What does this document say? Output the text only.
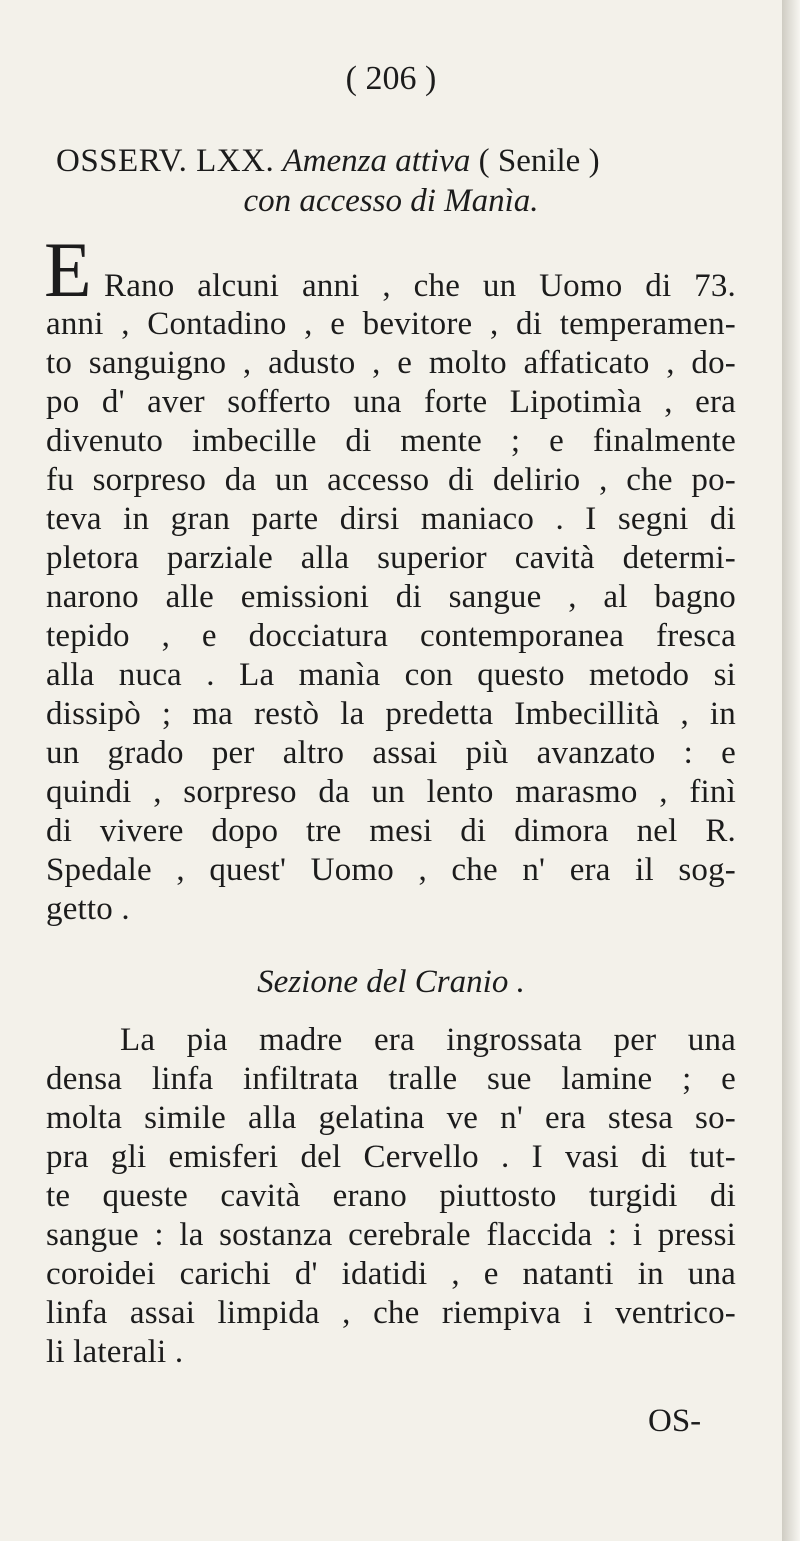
( 206 )
OSSERV. LXX. Amenza attiva ( Senile )
con accesso di Manìa.
E Rano alcuni anni , che un Uomo di 73.
anni , Contadino , e bevitore , di temperamen-
to sanguigno , adusto , e molto affaticato , do-
po d' aver sofferto una forte Lipotimìa , era
divenuto imbecille di mente ; e finalmente
fu sorpreso da un accesso di delirio , che po-
teva in gran parte dirsi maniaco . I segni di
pletora parziale alla superior cavità determi-
narono alle emissioni di sangue , al bagno
tepido , e docciatura contemporanea fresca
alla nuca . La manìa con questo metodo si
dissipò ; ma restò la predetta Imbecillità , in
un grado per altro assai più avanzato : e
quindi , sorpreso da un lento marasmo , finì
di vivere dopo tre mesi di dimora nel R.
Spedale , quest' Uomo , che n' era il sog-
getto .
Sezione del Cranio .
La pia madre era ingrossata per una
densa linfa infiltrata tralle sue lamine ; e
molta simile alla gelatina ve n' era stesa so-
pra gli emisferi del Cervello . I vasi di tut-
te queste cavità erano piuttosto turgidi di
sangue : la sostanza cerebrale flaccida : i pressi
coroidei carichi d' idatidi , e natanti in una
linfa assai limpida , che riempiva i ventrico-
li laterali .
OS-
